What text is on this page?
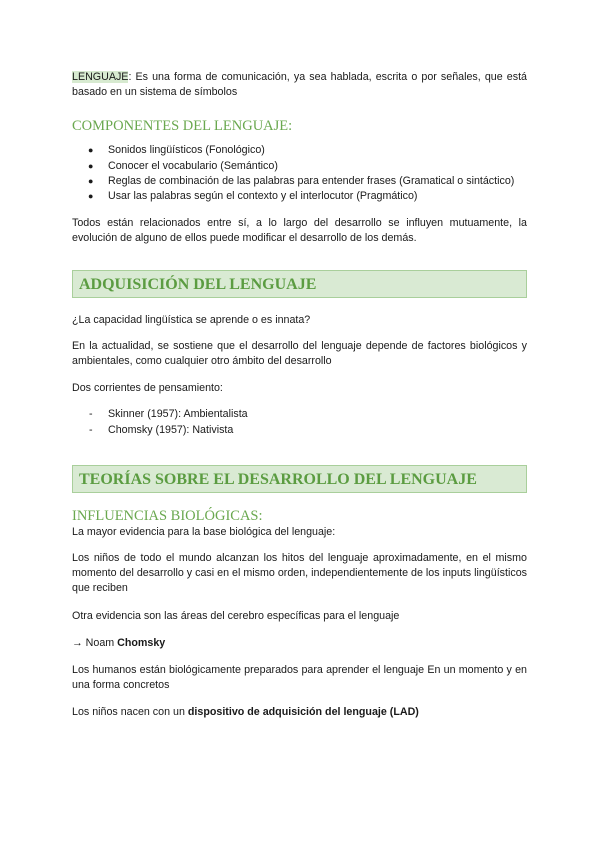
LENGUAJE: Es una forma de comunicación, ya sea hablada, escrita o por señales, que está basado en un sistema de símbolos

COMPONENTES DEL LENGUAJE:
● Sonidos lingüísticos (Fonológico)
● Conocer el vocabulario (Semántico)
● Reglas de combinación de las palabras para entender frases (Gramatical o sintáctico)
● Usar las palabras según el contexto y el interlocutor (Pragmático)

Todos están relacionados entre sí, a lo largo del desarrollo se influyen mutuamente, la evolución de alguno de ellos puede modificar el desarrollo de los demás.

ADQUISICIÓN DEL LENGUAJE

¿La capacidad lingüística se aprende o es innata?

En la actualidad, se sostiene que el desarrollo del lenguaje depende de factores biológicos y ambientales, como cualquier otro ámbito del desarrollo

Dos corrientes de pensamiento:

- Skinner (1957): Ambientalista
- Chomsky (1957): Nativista
TEORÍAS SOBRE EL DESARROLLO DEL LENGUAJE
INFLUENCIAS BIOLÓGICAS:

La mayor evidencia para la base biológica del lenguaje:

Los niños de todo el mundo alcanzan los hitos del lenguaje aproximadamente, en el mismo momento del desarrollo y casi en el mismo orden, independientemente de los inputs lingüísticos que reciben

Otra evidencia son las áreas del cerebro específicas para el lenguaje

→ Noam Chomsky

Los humanos están biológicamente preparados para aprender el lenguaje En un momento y en una forma concretos

Los niños nacen con un dispositivo de adquisición del lenguaje (LAD)
